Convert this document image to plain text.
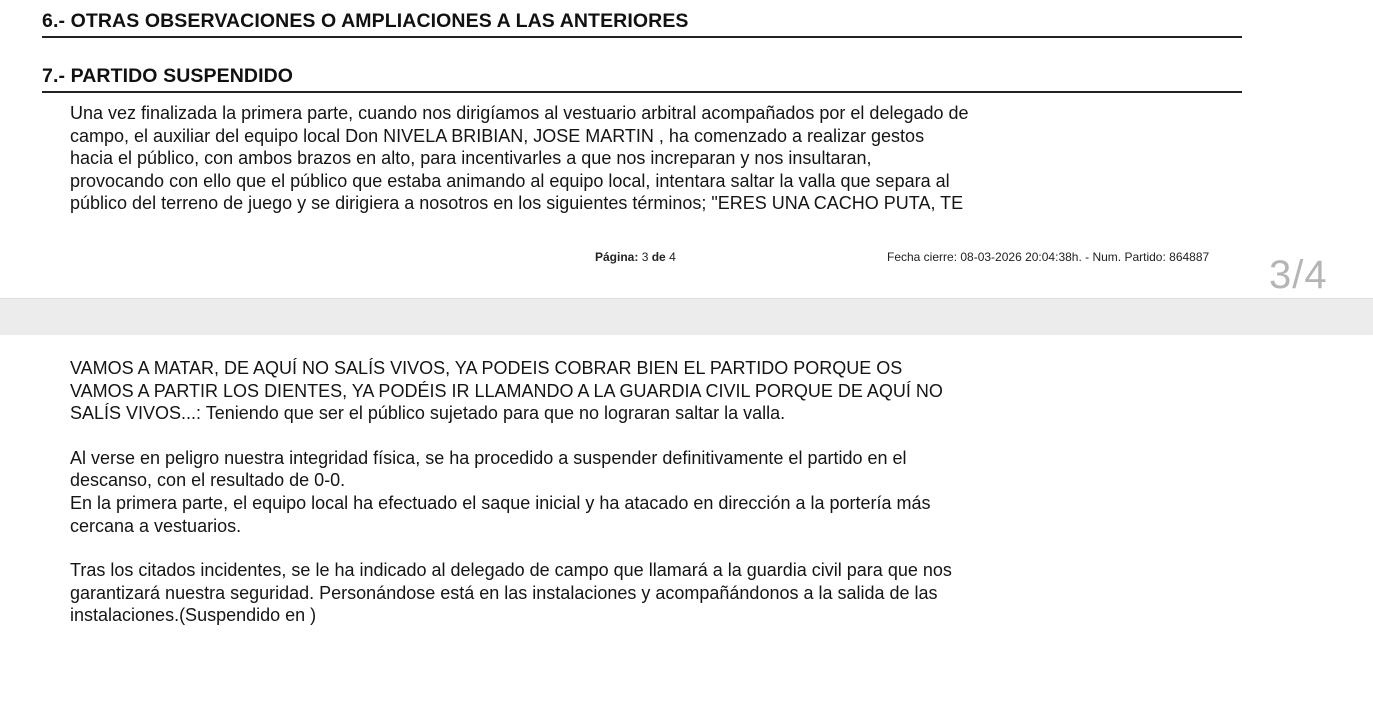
6.- OTRAS OBSERVACIONES O AMPLIACIONES A LAS ANTERIORES
7.- PARTIDO SUSPENDIDO

Una vez finalizada la primera parte, cuando nos dirigíamos al vestuario arbitral acompañados por el delegado de

campo, el auxiliar del equipo local Don NIVELA BRIBIAN, JOSE MARTIN , ha comenzado a realizar gestos

hacia el público, con ambos brazos en alto, para incentivarles a que nos increparan y nos insultaran,

provocando con ello que el público que estaba animando al equipo local, intentara saltar la valla que separa al

público del terreno de juego y se dirigiera a nosotros en los siguientes términos; "ERES UNA CACHO PUTA, TE

Página: 3 de 4	Fecha cierre: 08-03-2026 20:04:38h. - Num. Partido: 864887 3/4

VAMOS A MATAR, DE AQUÍ NO SALÍS VIVOS, YA PODEIS COBRAR BIEN EL PARTIDO PORQUE OS

VAMOS A PARTIR LOS DIENTES, YA PODÉIS IR LLAMANDO A LA GUARDIA CIVIL PORQUE DE AQUÍ NO

SALÍS VIVOS...: Teniendo que ser el público sujetado para que no lograran saltar la valla.

Al verse en peligro nuestra integridad física, se ha procedido a suspender definitivamente el partido en el

descanso, con el resultado de 0-0.

En la primera parte, el equipo local ha efectuado el saque inicial y ha atacado en dirección a la portería más

cercana a vestuarios.

Tras los citados incidentes, se le ha indicado al delegado de campo que llamará a la guardia civil para que nos

garantizará nuestra seguridad. Personándose está en las instalaciones y acompañándonos a la salida de las

instalaciones.(Suspendido en )
